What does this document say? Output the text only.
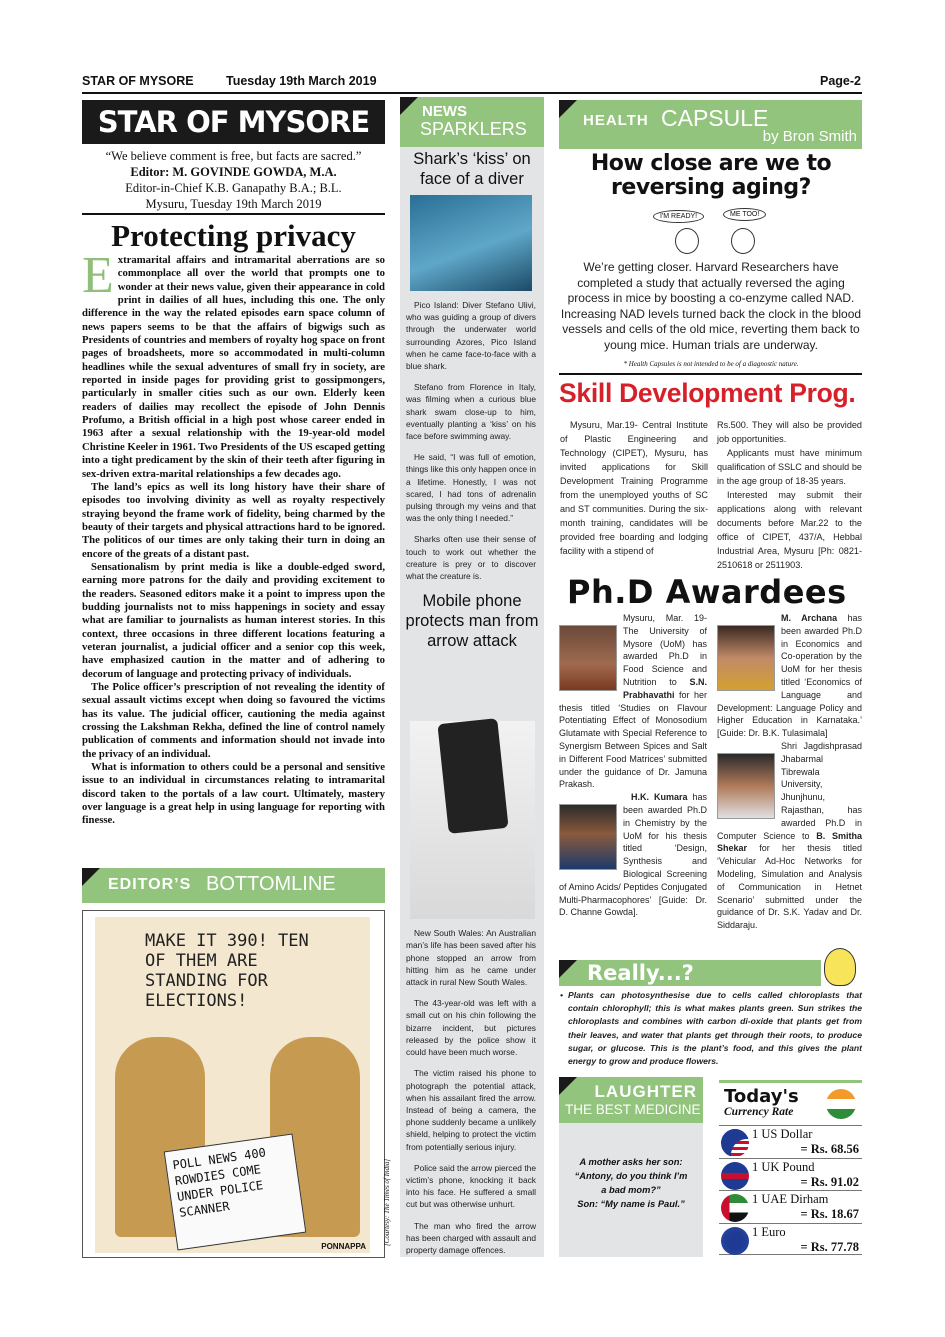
STAR OF MYSORE	Tuesday 19th March 2019	Page-2
STAR OF MYSORE
“We believe comment is free, but facts are sacred.”
Editor: M. GOVINDE GOWDA, M.A.
Editor-in-Chief K.B. Ganapathy B.A.; B.L.
Mysuru, Tuesday 19th March 2019
Protecting privacy

Extramarital affairs and intramarital aberrations are so commonplace all over the world that prompts one to wonder at their news value, given their appearance in cold print in dailies of all hues, including this one. The only difference in the way the related episodes earn space column of news papers seems to be that the affairs of bigwigs such as Presidents of countries and members of royalty hog space on front pages of broadsheets, more so accommodated in multi-column headlines while the sexual adventures of small fry in society, are reported in inside pages for providing grist to gossipmongers, particularly in smaller cities such as our own. Elderly keen readers of dailies may recollect the episode of John Dennis Profumo, a British official in a high post whose career ended in 1963 after a sexual relationship with the 19-year-old model Christine Keeler in 1961. Two Presidents of the US escaped getting into a tight predicament by the skin of their teeth after figuring in sex-driven extra-marital relationships a few decades ago.

The land’s epics as well its long history have their share of episodes too involving divinity as well as royalty respectively straying beyond the frame work of fidelity, being charmed by the beauty of their targets and physical attractions hard to be ignored. The politicos of our times are only taking their turn in doing an encore of the greats of a distant past.

Sensationalism by print media is like a double-edged sword, earning more patrons for the daily and providing excitement to the readers. Seasoned editors make it a point to impress upon the budding journalists not to miss happenings in society and essay what are familiar to journalists as human interest stories. In this context, three occasions in three different locations featuring a veteran journalist, a judicial officer and a senior cop this week, have emphasized caution in the matter and of adhering to decorum of language and protecting privacy of individuals.

The Police officer’s prescription of not revealing the identity of sexual assault victims except when doing so favoured the victims has its value. The judicial officer, cautioning the media against crossing the Lakshman Rekha, defined the line of control namely publication of comments and information should not invade into the privacy of an individual.

What is information to others could be a personal and sensitive issue to an individual in circumstances relating to intramarital discord taken to the portals of a law court. Ultimately, mastery over language is a great help in using language for reporting with finesse.

EDITOR’S BOTTOMLINE
MAKE IT 390! TEN OF THEM ARE STANDING FOR ELECTIONS!
POLL NEWS 400 ROWDIES COME UNDER POLICE SCANNER
PONNAPPA
[Courtesy: The Times of India]
NEWS
SPARKLERS
Shark’s ‘kiss’ on face of a diver

Pico Island: Diver Stefano Ulivi, who was guiding a group of divers through the underwater world surrounding Azores, Pico Island when he came face-to-face with a blue shark.

Stefano from Florence in Italy, was filming when a curious blue shark swam close-up to him, eventually planting a ‘kiss’ on his face before swimming away.

He said, “I was full of emotion, things like this only happen once in a lifetime. Honestly, I was not scared, I had tons of adrenalin pulsing through my veins and that was the only thing I needed.”

Sharks often use their sense of touch to work out whether the creature is prey or to discover what the creature is.

Mobile phone protects man from arrow attack

New South Wales: An Australian man’s life has been saved after his phone stopped an arrow from hitting him as he came under attack in rural New South Wales.

The 43-year-old was left with a small cut on his chin following the bizarre incident, but pictures released by the police show it could have been much worse.

The victim raised his phone to photograph the potential attack, when his assailant fired the arrow. Instead of being a camera, the phone suddenly became a unlikely shield, helping to protect the victim from potentially serious injury.

Police said the arrow pierced the victim’s phone, knocking it back into his face. He suffered a small cut but was otherwise unhurt.

The man who fired the arrow has been charged with assault and property damage offences.

HEALTH CAPSULE
by Bron Smith
How close are we to reversing aging?
I'M READY!	ME TOO!
We’re getting closer. Harvard Researchers have completed a study that actually reversed the aging process in mice by boosting a co-enzyme called NAD. Increasing NAD levels turned back the clock in the blood vessels and cells of the old mice, reverting them back to young mice. Human trials are underway.
* Health Capsules is not intended to be of a diagnostic nature.
Skill Development Prog.

Mysuru, Mar.19- Central Institute of Plastic Engineering and Technology (CIPET), Mysuru, has invited applications for Skill Development Training Programme from the unemployed youths of SC and ST communities. During the six-month training, candidates will be provided free boarding and lodging facility with a stipend of

Rs.500. They will also be provided job opportunities.

Applicants must have minimum qualification of SSLC and should be in the age group of 18-35 years.

Interested may submit their applications along with relevant documents before Mar.22 to the office of CIPET, 437/A, Hebbal Industrial Area, Mysuru [Ph: 0821- 2510618 or 2511903.

Ph.D Awardees
Mysuru, Mar. 19- The University of Mysore (UoM) has awarded Ph.D in Food Science and Nutrition to S.N. Prabhavathi for her thesis titled ‘Studies on Flavour Potentiating Effect of Monosodium Glutamate with Special Reference to Synergism Between Spices and Salt in Different Food Matrices’ submitted under the guidance of Dr. Jamuna Prakash.
H.K. Kumara has been awarded Ph.D in Chemistry by the UoM for his thesis titled ‘Design, Synthesis and Biological Screening of Amino Acids/ Peptides Conjugated Multi-Pharmacophores’ [Guide: Dr. D. Channe Gowda].
M. Archana has been awarded Ph.D in Economics and Co-operation by the UoM for her thesis titled ‘Economics of Language and Development: Language Policy and Higher Education in Karnataka.’ [Guide: Dr. B.K. Tulasimala]
Shri Jagdishprasad Jhabarmal Tibrewala University, Jhunjhunu, Rajasthan, has awarded Ph.D in Computer Science to B. Smitha Shekar for her thesis titled ‘Vehicular Ad-Hoc Networks for Modeling, Simulation and Analysis of Communication in Hetnet Scenario’ submitted under the guidance of Dr. S.K. Yadav and Dr. Siddaraju.
Really...?
• Plants can photosynthesise due to cells called chloroplasts that contain chlorophyll; this is what makes plants green. Sun strikes the chloroplasts and combines with carbon di-oxide that plants get from their leaves, and water that plants get through their roots, to produce sugar, or glucose. This is the plant’s food, and this gives the plant energy to grow and produce flowers.
LAUGHTER
THE BEST MEDICINE
A mother asks her son:
“Antony, do you think I’m
a bad mom?”
Son: “My name is Paul.”
Today's
Currency Rate
1 US Dollar
= Rs. 68.56
1 UK Pound
= Rs. 91.02
1 UAE Dirham
= Rs. 18.67
1 Euro
= Rs. 77.78
